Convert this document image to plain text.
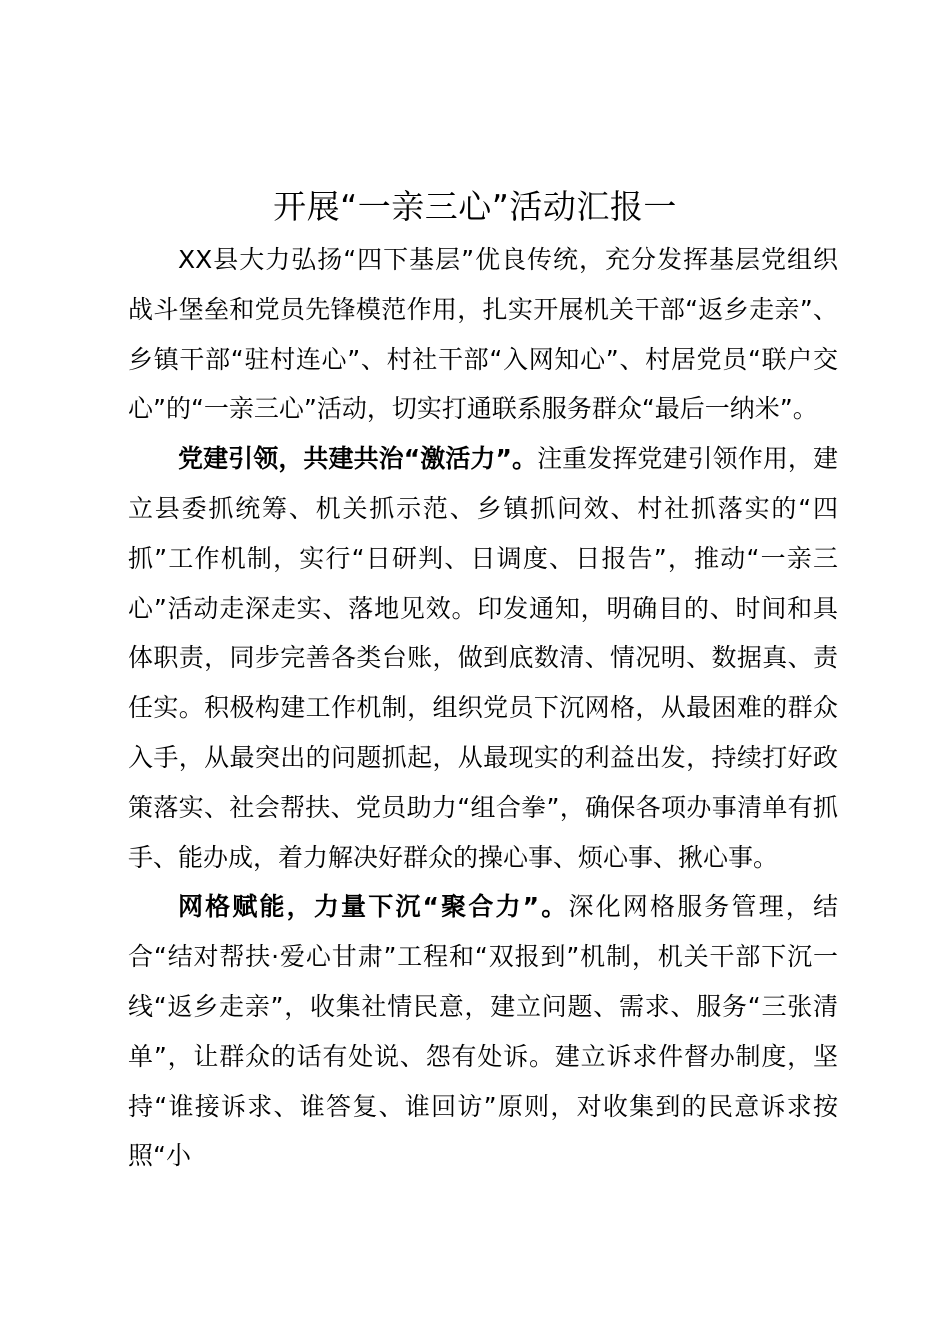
开展“一亲三心”活动汇报一

XX县大力弘扬“四下基层”优良传统，充分发挥基层党组织战斗堡垒和党员先锋模范作用，扎实开展机关干部“返乡走亲”、乡镇干部“驻村连心”、村社干部“入网知心”、村居党员“联户交心”的“一亲三心”活动，切实打通联系服务群众“最后一纳米”。

党建引领，共建共治“激活力”。注重发挥党建引领作用，建立县委抓统筹、机关抓示范、乡镇抓问效、村社抓落实的“四抓”工作机制，实行“日研判、日调度、日报告”，推动“一亲三心”活动走深走实、落地见效。印发通知，明确目的、时间和具体职责，同步完善各类台账，做到底数清、情况明、数据真、责任实。积极构建工作机制，组织党员下沉网格，从最困难的群众入手，从最突出的问题抓起，从最现实的利益出发，持续打好政策落实、社会帮扶、党员助力“组合拳”，确保各项办事清单有抓手、能办成，着力解决好群众的操心事、烦心事、揪心事。

网格赋能，力量下沉“聚合力”。深化网格服务管理，结合“结对帮扶·爱心甘肃”工程和“双报到”机制，机关干部下沉一线“返乡走亲”，收集社情民意，建立问题、需求、服务“三张清单”，让群众的话有处说、怨有处诉。建立诉求件督办制度，坚持“谁接诉求、谁答复、谁回访”原则，对收集到的民意诉求按照“小
